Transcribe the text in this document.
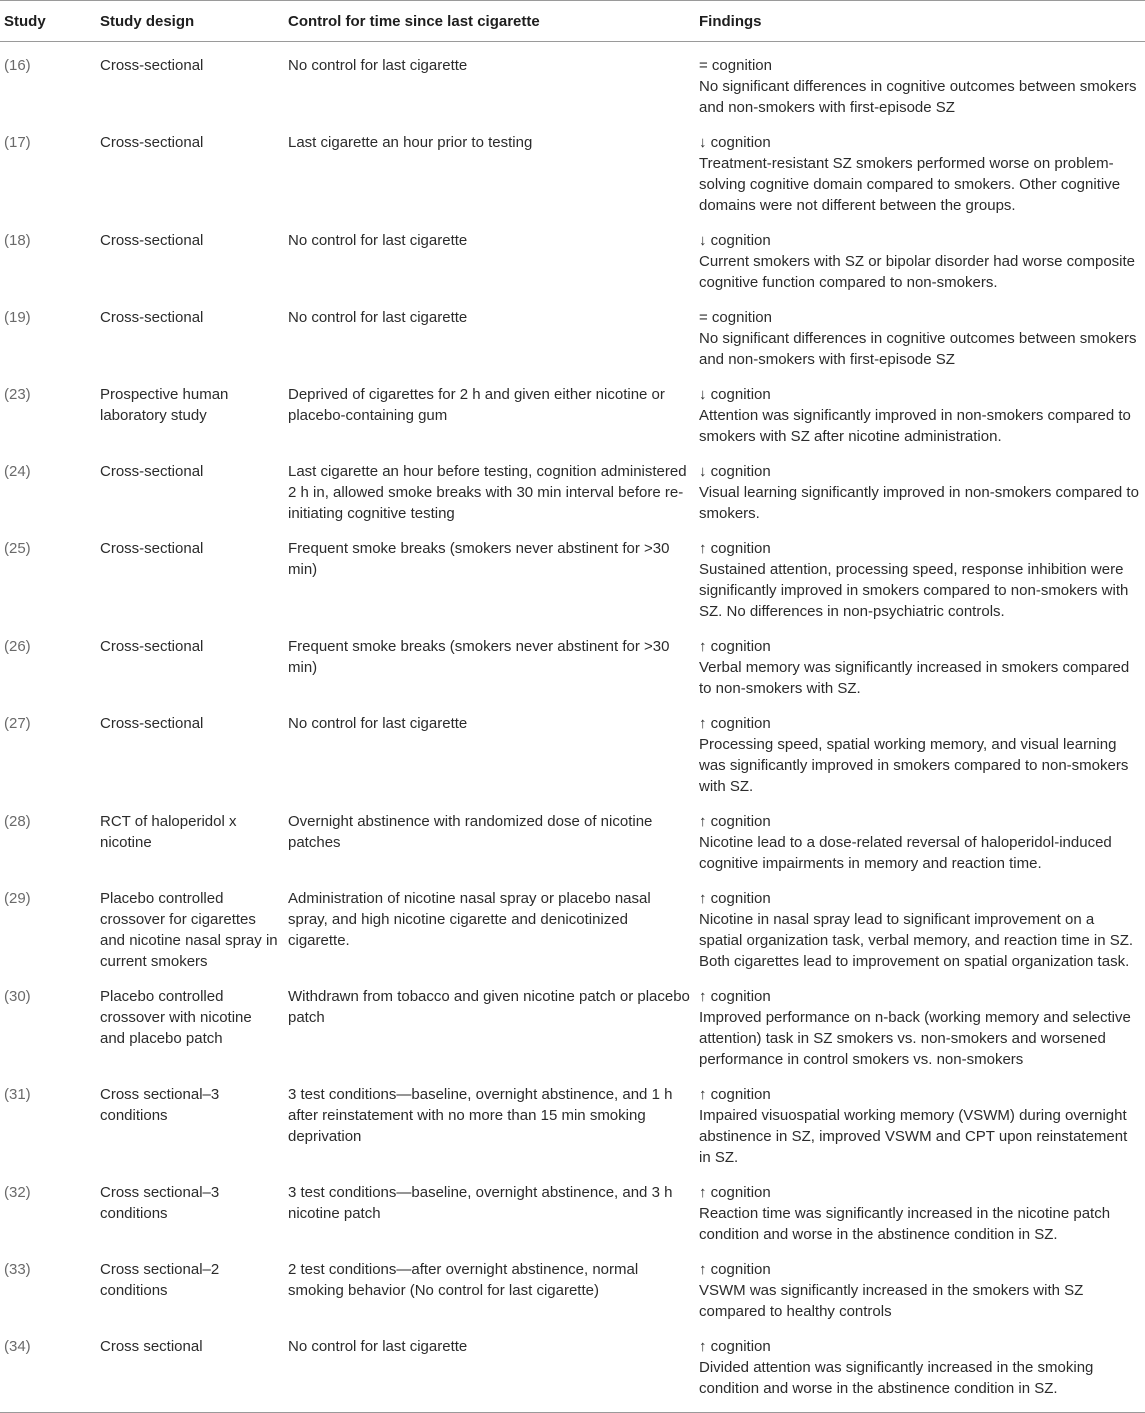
Study	Study design	Control for time since last cigarette	Findings
(16)	Cross-sectional	No control for last cigarette	= cognition
No significant differences in cognitive outcomes between smokers and non-smokers with first-episode SZ

(17)	Cross-sectional	Last cigarette an hour prior to testing	↓ cognition
Treatment-resistant SZ smokers performed worse on problem-solving cognitive domain compared to smokers. Other cognitive domains were not different between the groups.

(18)	Cross-sectional	No control for last cigarette	↓ cognition
Current smokers with SZ or bipolar disorder had worse composite cognitive function compared to non-smokers.

(19)	Cross-sectional	No control for last cigarette	= cognition
No significant differences in cognitive outcomes between smokers and non-smokers with first-episode SZ

(23)	Prospective human laboratory study	Deprived of cigarettes for 2 h and given either nicotine or placebo-containing gum	↓ cognition
Attention was significantly improved in non-smokers compared to smokers with SZ after nicotine administration.

(24)	Cross-sectional	Last cigarette an hour before testing, cognition administered 2 h in, allowed smoke breaks with 30 min interval before re-initiating cognitive testing	↓ cognition
Visual learning significantly improved in non-smokers compared to smokers.

(25)	Cross-sectional	Frequent smoke breaks (smokers never abstinent for >30 min)	↑ cognition
Sustained attention, processing speed, response inhibition were significantly improved in smokers compared to non-smokers with SZ. No differences in non-psychiatric controls.

(26)	Cross-sectional	Frequent smoke breaks (smokers never abstinent for >30 min)	↑ cognition
Verbal memory was significantly increased in smokers compared to non-smokers with SZ.

(27)	Cross-sectional	No control for last cigarette	↑ cognition
Processing speed, spatial working memory, and visual learning was significantly improved in smokers compared to non-smokers with SZ.

(28)	RCT of haloperidol x nicotine	Overnight abstinence with randomized dose of nicotine patches	↑ cognition
Nicotine lead to a dose-related reversal of haloperidol-induced cognitive impairments in memory and reaction time.

(29)	Placebo controlled crossover for cigarettes and nicotine nasal spray in current smokers	Administration of nicotine nasal spray or placebo nasal spray, and high nicotine cigarette and denicotinized cigarette.	↑ cognition
Nicotine in nasal spray lead to significant improvement on a spatial organization task, verbal memory, and reaction time in SZ. Both cigarettes lead to improvement on spatial organization task.

(30)	Placebo controlled crossover with nicotine and placebo patch	Withdrawn from tobacco and given nicotine patch or placebo patch	↑ cognition
Improved performance on n-back (working memory and selective attention) task in SZ smokers vs. non-smokers and worsened performance in control smokers vs. non-smokers

(31)	Cross sectional–3 conditions	3 test conditions—baseline, overnight abstinence, and 1 h after reinstatement with no more than 15 min smoking deprivation	↑ cognition
Impaired visuospatial working memory (VSWM) during overnight abstinence in SZ, improved VSWM and CPT upon reinstatement in SZ.

(32)	Cross sectional–3 conditions	3 test conditions—baseline, overnight abstinence, and 3 h nicotine patch	↑ cognition
Reaction time was significantly increased in the nicotine patch condition and worse in the abstinence condition in SZ.

(33)	Cross sectional–2 conditions	2 test conditions—after overnight abstinence, normal smoking behavior (No control for last cigarette)	↑ cognition
VSWM was significantly increased in the smokers with SZ compared to healthy controls

(34)	Cross sectional	No control for last cigarette	↑ cognition
Divided attention was significantly increased in the smoking condition and worse in the abstinence condition in SZ.
